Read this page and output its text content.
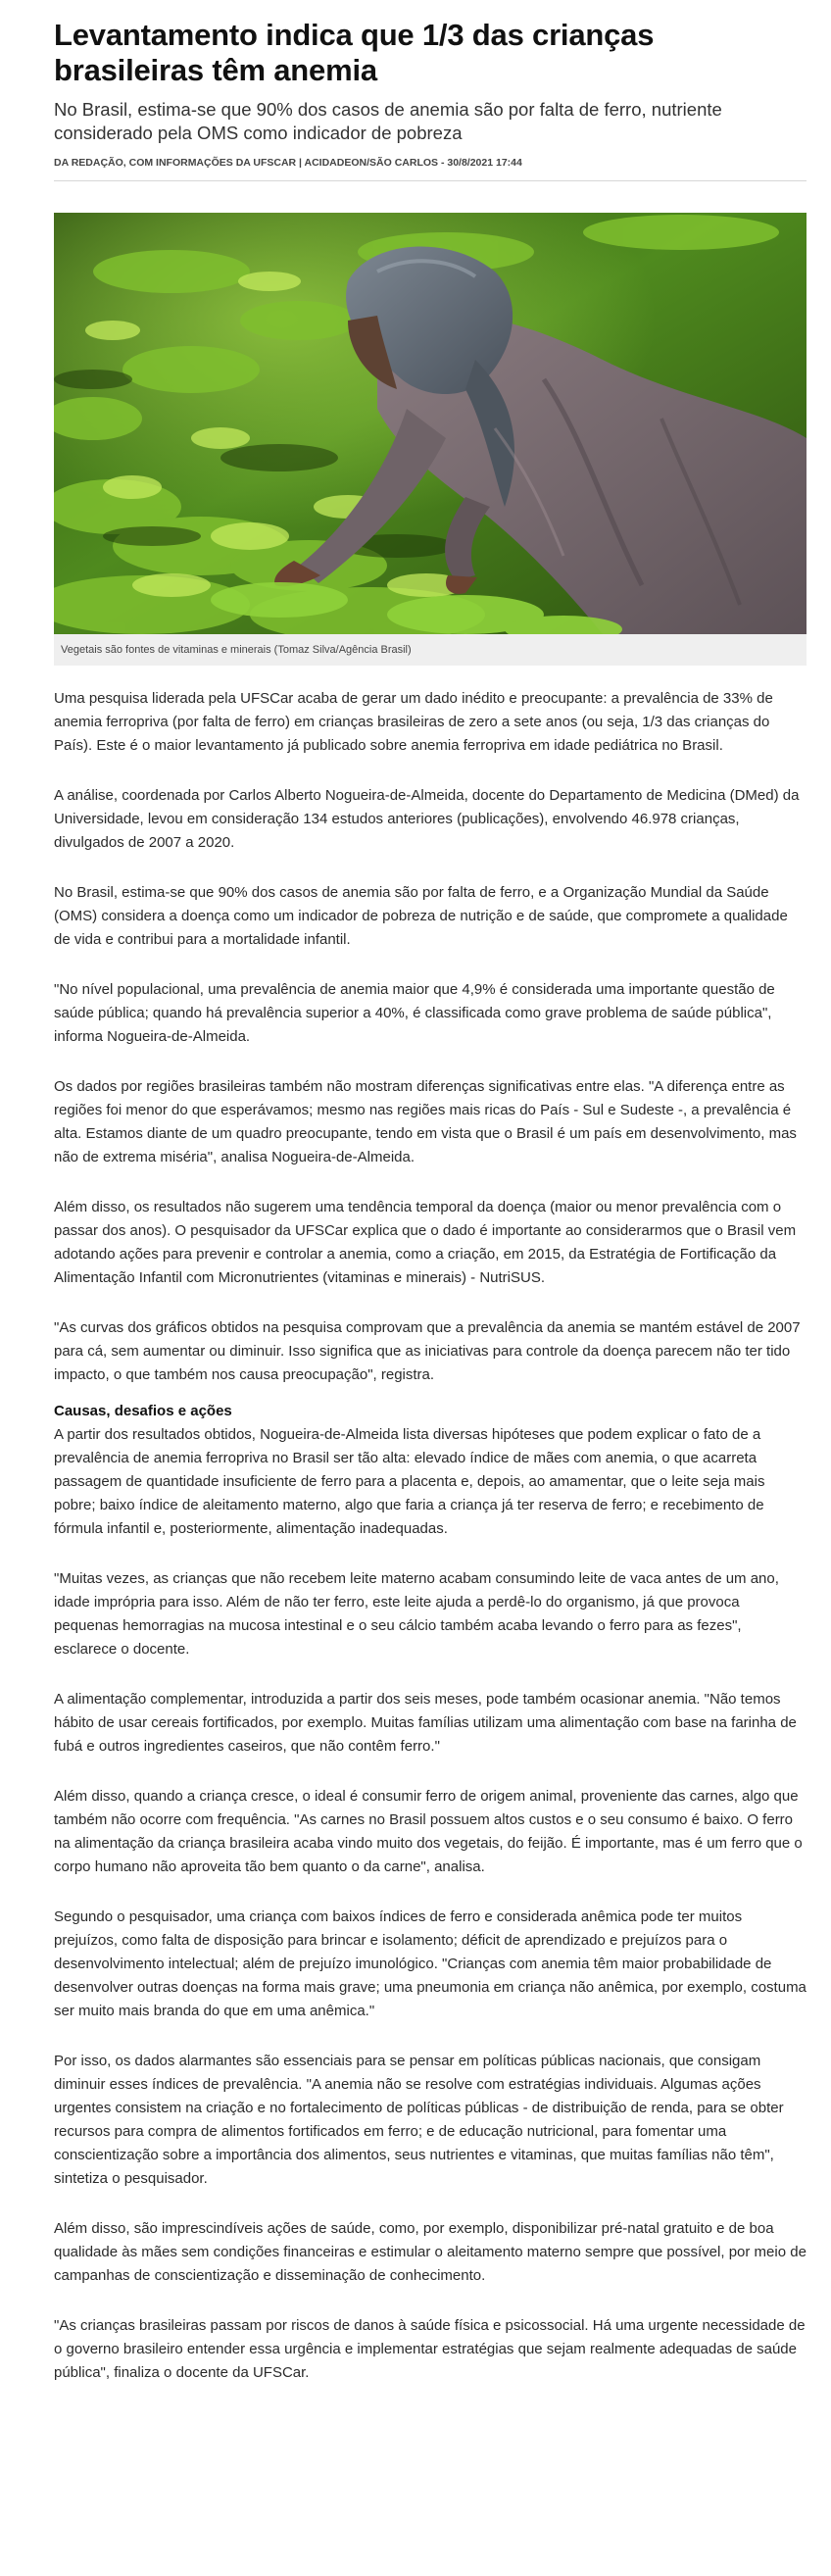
Levantamento indica que 1/3 das crianças brasileiras têm anemia

No Brasil, estima-se que 90% dos casos de anemia são por falta de ferro, nutriente considerado pela OMS como indicador de pobreza

DA REDAÇÃO, COM INFORMAÇÕES DA UFSCAR | ACIDADEON/SÃO CARLOS - 30/8/2021 17:44
Vegetais são fontes de vitaminas e minerais (Tomaz Silva/Agência Brasil)

Uma pesquisa liderada pela UFSCar acaba de gerar um dado inédito e preocupante: a prevalência de 33% de anemia ferropriva (por falta de ferro) em crianças brasileiras de zero a sete anos (ou seja, 1/3 das crianças do País). Este é o maior levantamento já publicado sobre anemia ferropriva em idade pediátrica no Brasil.

A análise, coordenada por Carlos Alberto Nogueira-de-Almeida, docente do Departamento de Medicina (DMed) da Universidade, levou em consideração 134 estudos anteriores (publicações), envolvendo 46.978 crianças, divulgados de 2007 a 2020.

No Brasil, estima-se que 90% dos casos de anemia são por falta de ferro, e a Organização Mundial da Saúde (OMS) considera a doença como um indicador de pobreza de nutrição e de saúde, que compromete a qualidade de vida e contribui para a mortalidade infantil.

"No nível populacional, uma prevalência de anemia maior que 4,9% é considerada uma importante questão de saúde pública; quando há prevalência superior a 40%, é classificada como grave problema de saúde pública", informa Nogueira-de-Almeida.

Os dados por regiões brasileiras também não mostram diferenças significativas entre elas. "A diferença entre as regiões foi menor do que esperávamos; mesmo nas regiões mais ricas do País - Sul e Sudeste -, a prevalência é alta. Estamos diante de um quadro preocupante, tendo em vista que o Brasil é um país em desenvolvimento, mas não de extrema miséria", analisa Nogueira-de-Almeida.

Além disso, os resultados não sugerem uma tendência temporal da doença (maior ou menor prevalência com o passar dos anos). O pesquisador da UFSCar explica que o dado é importante ao considerarmos que o Brasil vem adotando ações para prevenir e controlar a anemia, como a criação, em 2015, da Estratégia de Fortificação da Alimentação Infantil com Micronutrientes (vitaminas e minerais) - NutriSUS.

"As curvas dos gráficos obtidos na pesquisa comprovam que a prevalência da anemia se mantém estável de 2007 para cá, sem aumentar ou diminuir. Isso significa que as iniciativas para controle da doença parecem não ter tido impacto, o que também nos causa preocupação", registra.

Causas, desafios e ações

A partir dos resultados obtidos, Nogueira-de-Almeida lista diversas hipóteses que podem explicar o fato de a prevalência de anemia ferropriva no Brasil ser tão alta: elevado índice de mães com anemia, o que acarreta passagem de quantidade insuficiente de ferro para a placenta e, depois, ao amamentar, que o leite seja mais pobre; baixo índice de aleitamento materno, algo que faria a criança já ter reserva de ferro; e recebimento de fórmula infantil e, posteriormente, alimentação inadequadas.

"Muitas vezes, as crianças que não recebem leite materno acabam consumindo leite de vaca antes de um ano, idade imprópria para isso. Além de não ter ferro, este leite ajuda a perdê-lo do organismo, já que provoca pequenas hemorragias na mucosa intestinal e o seu cálcio também acaba levando o ferro para as fezes", esclarece o docente.

A alimentação complementar, introduzida a partir dos seis meses, pode também ocasionar anemia. "Não temos hábito de usar cereais fortificados, por exemplo. Muitas famílias utilizam uma alimentação com base na farinha de fubá e outros ingredientes caseiros, que não contêm ferro."

Além disso, quando a criança cresce, o ideal é consumir ferro de origem animal, proveniente das carnes, algo que também não ocorre com frequência. "As carnes no Brasil possuem altos custos e o seu consumo é baixo. O ferro na alimentação da criança brasileira acaba vindo muito dos vegetais, do feijão. É importante, mas é um ferro que o corpo humano não aproveita tão bem quanto o da carne", analisa.

Segundo o pesquisador, uma criança com baixos índices de ferro e considerada anêmica pode ter muitos prejuízos, como falta de disposição para brincar e isolamento; déficit de aprendizado e prejuízos para o desenvolvimento intelectual; além de prejuízo imunológico. "Crianças com anemia têm maior probabilidade de desenvolver outras doenças na forma mais grave; uma pneumonia em criança não anêmica, por exemplo, costuma ser muito mais branda do que em uma anêmica."

Por isso, os dados alarmantes são essenciais para se pensar em políticas públicas nacionais, que consigam diminuir esses índices de prevalência. "A anemia não se resolve com estratégias individuais. Algumas ações urgentes consistem na criação e no fortalecimento de políticas públicas - de distribuição de renda, para se obter recursos para compra de alimentos fortificados em ferro; e de educação nutricional, para fomentar uma conscientização sobre a importância dos alimentos, seus nutrientes e vitaminas, que muitas famílias não têm", sintetiza o pesquisador.

Além disso, são imprescindíveis ações de saúde, como, por exemplo, disponibilizar pré-natal gratuito e de boa qualidade às mães sem condições financeiras e estimular o aleitamento materno sempre que possível, por meio de campanhas de conscientização e disseminação de conhecimento.

"As crianças brasileiras passam por riscos de danos à saúde física e psicossocial. Há uma urgente necessidade de o governo brasileiro entender essa urgência e implementar estratégias que sejam realmente adequadas de saúde pública", finaliza o docente da UFSCar.
